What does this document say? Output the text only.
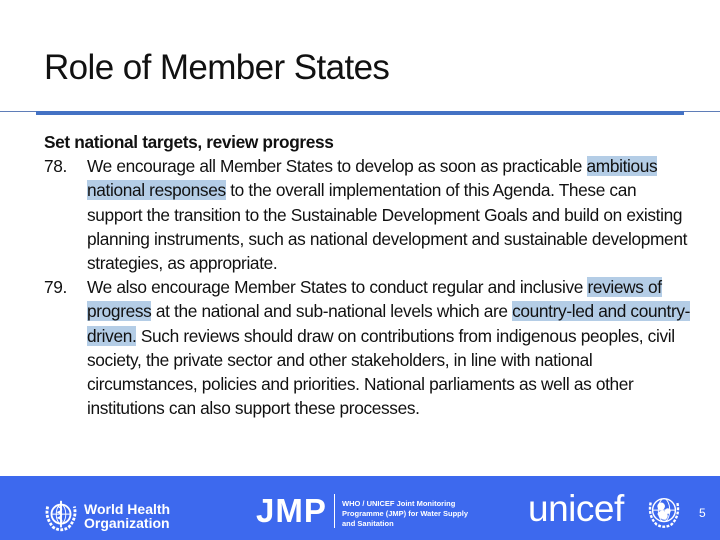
Role of Member States
Set national targets, review progress
78.	We encourage all Member States to develop as soon as practicable ambitious national responses to the overall implementation of this Agenda. These can support the transition to the Sustainable Development Goals and build on existing planning instruments, such as national development and sustainable development strategies, as appropriate.
79.	We also encourage Member States to conduct regular and inclusive reviews of progress at the national and sub-national levels which are country-led and country-driven. Such reviews should draw on contributions from indigenous peoples, civil society, the private sector and other stakeholders, in line with national circumstances, policies and priorities. National parliaments as well as other institutions can also support these processes.
World Health
Organization	JMP WHO / UNICEF Joint Monitoring
Programme (JMP) for Water Supply
and Sanitation	unicef	5
